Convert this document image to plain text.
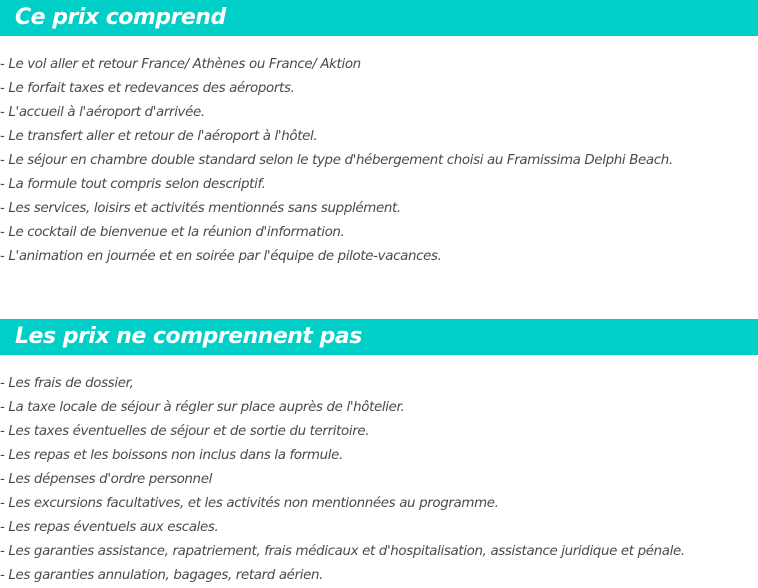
Ce prix comprend
- Le vol aller et retour France/ Athènes ou France/ Aktion
- Le forfait taxes et redevances des aéroports.
- L'accueil à l'aéroport d'arrivée.
- Le transfert aller et retour de l'aéroport à l'hôtel.
- Le séjour en chambre double standard selon le type d'hébergement choisi au Framissima Delphi Beach.
- La formule tout compris selon descriptif.
- Les services, loisirs et activités mentionnés sans supplément.
- Le cocktail de bienvenue et la réunion d'information.
- L'animation en journée et en soirée par l'équipe de pilote-vacances.
Les prix ne comprennent pas
- Les frais de dossier,
- La taxe locale de séjour à régler sur place auprès de l'hôtelier.
- Les taxes éventuelles de séjour et de sortie du territoire.
- Les repas et les boissons non inclus dans la formule.
- Les dépenses d'ordre personnel
- Les excursions facultatives, et les activités non mentionnées au programme.
- Les repas éventuels aux escales.
- Les garanties assistance, rapatriement, frais médicaux et d'hospitalisation, assistance juridique et pénale.
- Les garanties annulation, bagages, retard aérien.
